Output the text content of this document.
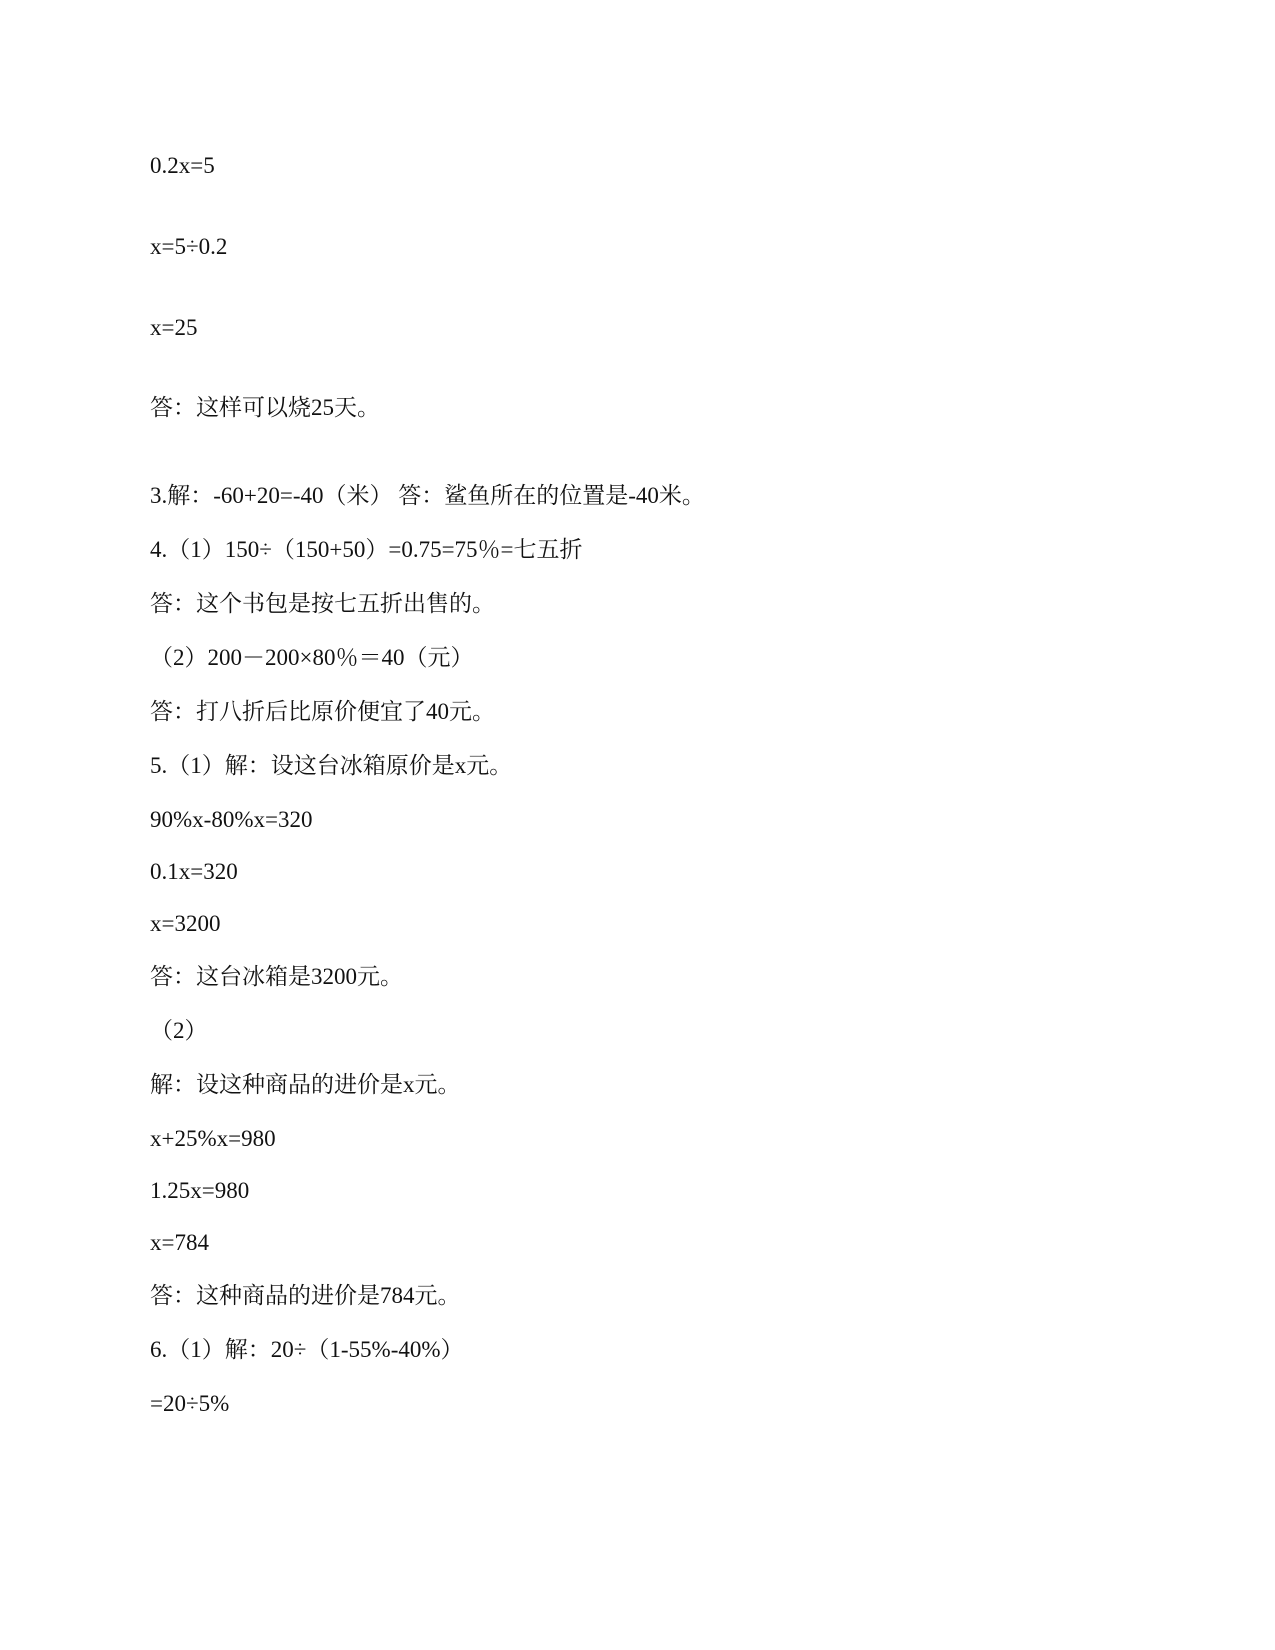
0.2x=5
x=5÷0.2
x=25
答：这样可以烧25天。
3.解：-60+20=-40（米） 答：鲨鱼所在的位置是-40米。
4.（1）150÷（150+50）=0.75=75％=七五折
答：这个书包是按七五折出售的。
（2）200－200×80％＝40（元）
答：打八折后比原价便宜了40元。
5.（1）解：设这台冰箱原价是x元。
90%x-80%x=320
0.1x=320
x=3200
答：这台冰箱是3200元。
（2）
解：设这种商品的进价是x元。
x+25%x=980
1.25x=980
x=784
答：这种商品的进价是784元。
6.（1）解：20÷（1-55%-40%）
=20÷5%
